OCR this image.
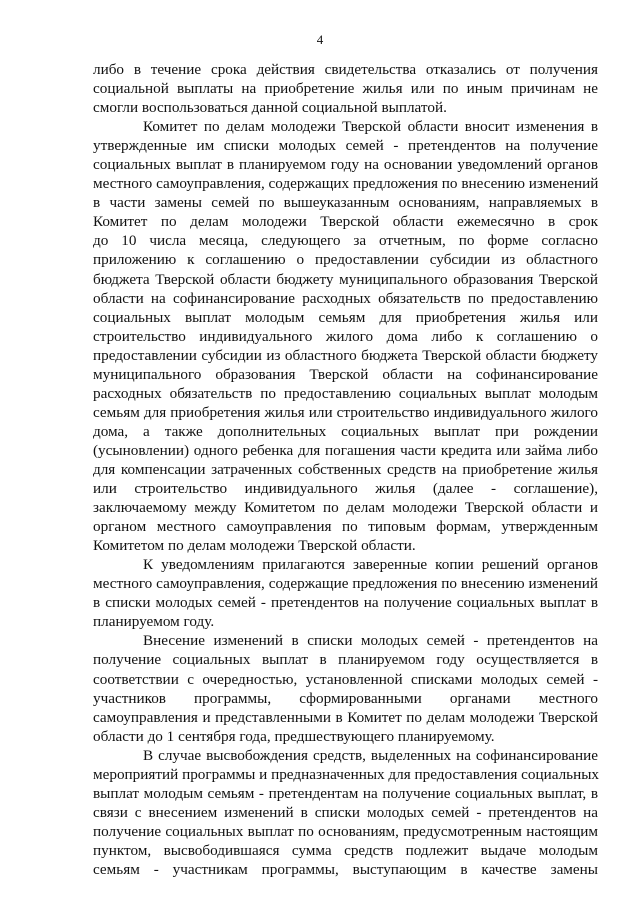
4
либо в течение срока действия свидетельства отказались от получения
социальной выплаты на приобретение жилья или по иным причинам не
смогли воспользоваться данной социальной выплатой.
Комитет по делам молодежи Тверской области вносит изменения в
утвержденные им списки молодых семей - претендентов на получение
социальных выплат в планируемом году на основании уведомлений органов
местного самоуправления, содержащих предложения по внесению изменений
в части замены семей по вышеуказанным основаниям, направляемых в
Комитет по делам молодежи Тверской области ежемесячно в срок
до 10 числа месяца, следующего за отчетным, по форме согласно
приложению к соглашению о предоставлении субсидии из областного
бюджета Тверской области бюджету муниципального образования Тверской
области на софинансирование расходных обязательств по предоставлению
социальных выплат молодым семьям для приобретения жилья или
строительство индивидуального жилого дома либо к соглашению о
предоставлении субсидии из областного бюджета Тверской области бюджету
муниципального образования Тверской области на софинансирование
расходных обязательств по предоставлению социальных выплат молодым
семьям для приобретения жилья или строительство индивидуального жилого
дома, а также дополнительных социальных выплат при рождении
(усыновлении) одного ребенка для погашения части кредита или займа либо
для компенсации затраченных собственных средств на приобретение жилья
или строительство индивидуального жилья (далее - соглашение),
заключаемому между Комитетом по делам молодежи Тверской области и
органом местного самоуправления по типовым формам, утвержденным
Комитетом по делам молодежи Тверской области.
К уведомлениям прилагаются заверенные копии решений органов
местного самоуправления, содержащие предложения по внесению изменений
в списки молодых семей - претендентов на получение социальных выплат в
планируемом году.
Внесение изменений в списки молодых семей - претендентов на
получение социальных выплат в планируемом году осуществляется в
соответствии с очередностью, установленной списками молодых семей -
участников программы, сформированными органами местного
самоуправления и представленными в Комитет по делам молодежи Тверской
области до 1 сентября года, предшествующего планируемому.
В случае высвобождения средств, выделенных на софинансирование
мероприятий программы и предназначенных для предоставления социальных
выплат молодым семьям - претендентам на получение социальных выплат, в
связи с внесением изменений в списки молодых семей - претендентов на
получение социальных выплат по основаниям, предусмотренным настоящим
пунктом, высвободившаяся сумма средств подлежит выдаче молодым
семьям - участникам программы, выступающим в качестве замены
